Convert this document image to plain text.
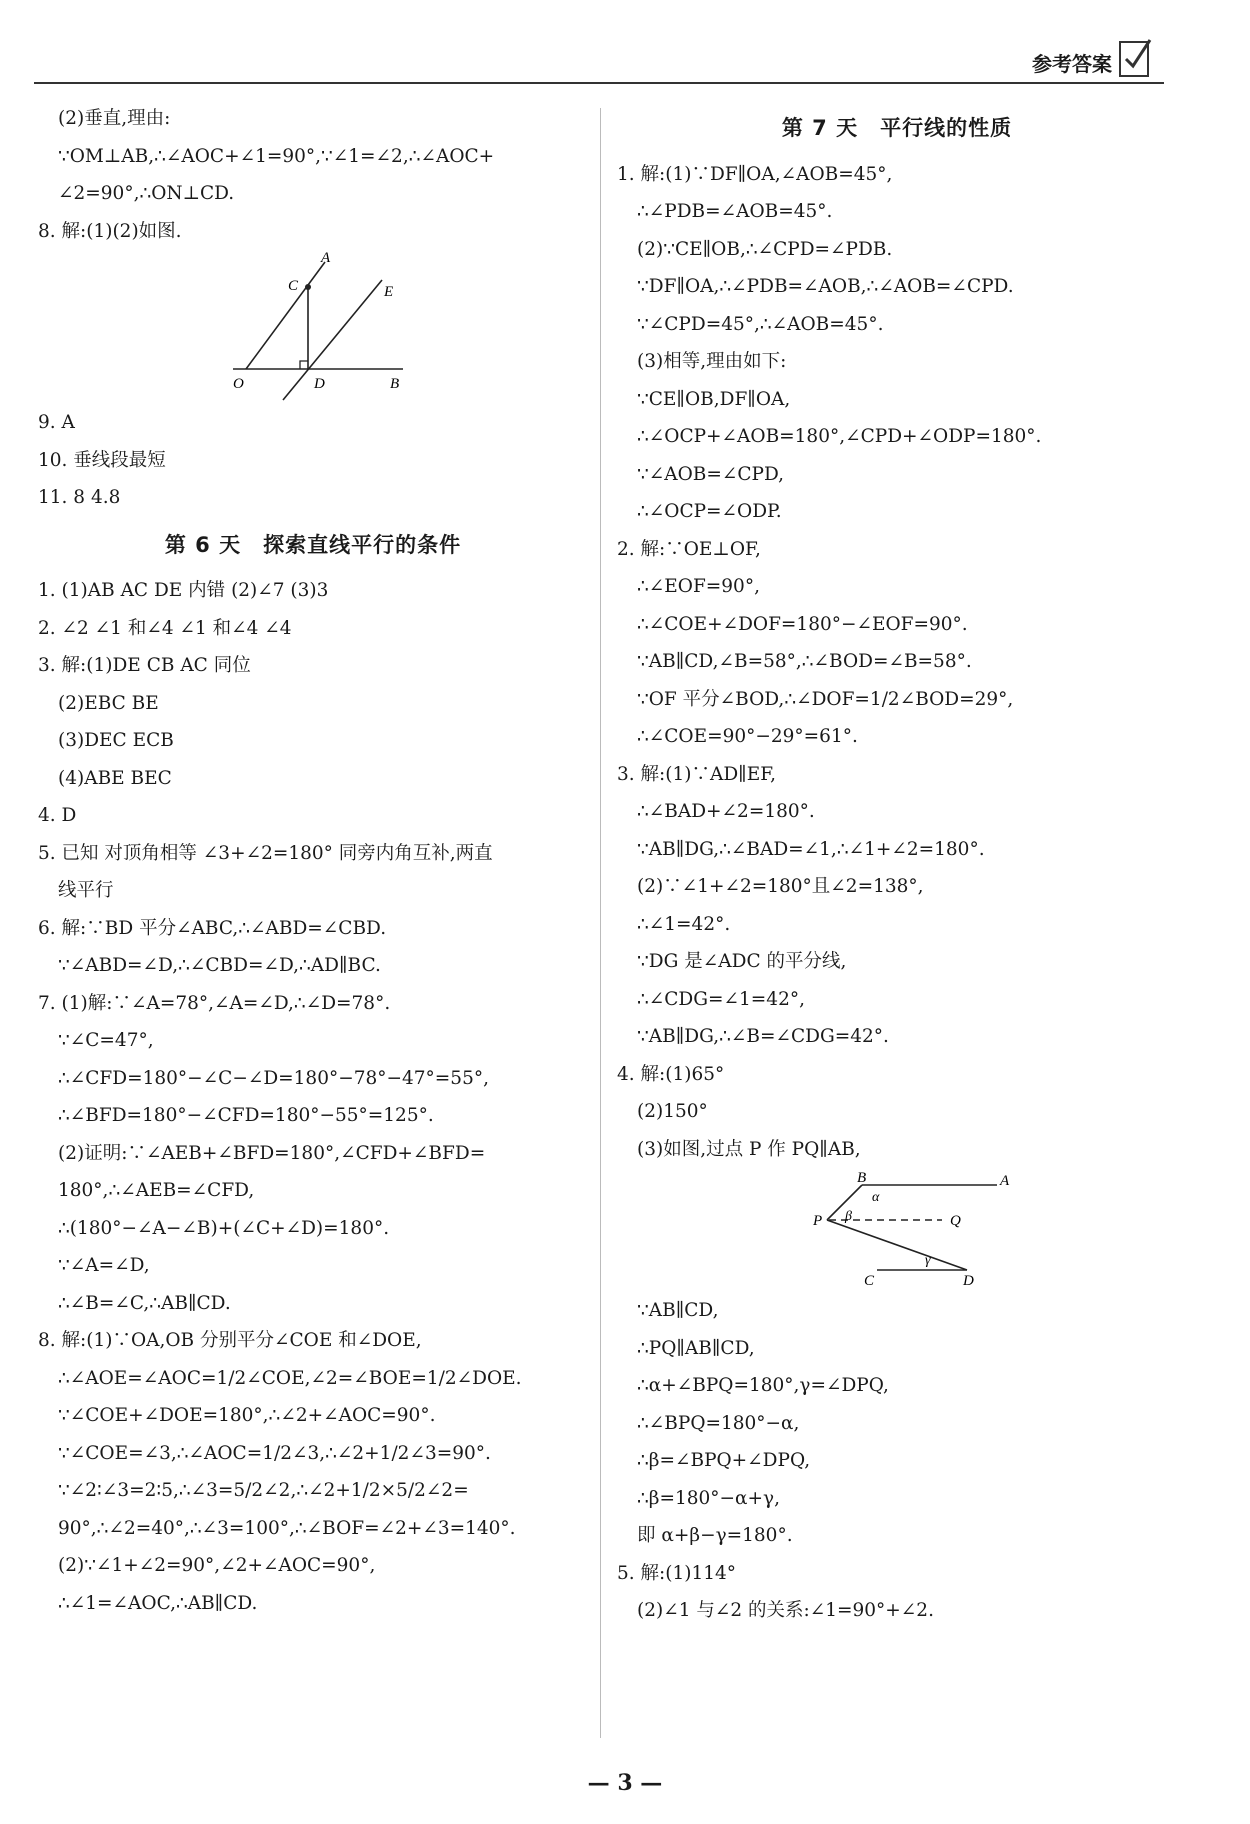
参考答案
(2)垂直,理由:
∵OM⊥AB,∴∠AOC+∠1=90°,∵∠1=∠2,∴∠AOC+
∠2=90°,∴ON⊥CD.
8. 解:(1)(2)如图.
A
C	E
O	D	B
9. A
10. 垂线段最短
11. 8 4.8
第 6 天　探索直线平行的条件
1. (1)AB AC DE 内错 (2)∠7 (3)3
2. ∠2 ∠1 和∠4 ∠1 和∠4 ∠4
3. 解:(1)DE CB AC 同位
(2)EBC BE
(3)DEC ECB
(4)ABE BEC
4. D
5. 已知 对顶角相等 ∠3+∠2=180° 同旁内角互补,两直
线平行
6. 解:∵BD 平分∠ABC,∴∠ABD=∠CBD.
∵∠ABD=∠D,∴∠CBD=∠D,∴AD∥BC.
7. (1)解:∵∠A=78°,∠A=∠D,∴∠D=78°.
∵∠C=47°,
∴∠CFD=180°−∠C−∠D=180°−78°−47°=55°,
∴∠BFD=180°−∠CFD=180°−55°=125°.
(2)证明:∵∠AEB+∠BFD=180°,∠CFD+∠BFD=
180°,∴∠AEB=∠CFD,
∴(180°−∠A−∠B)+(∠C+∠D)=180°.
∵∠A=∠D,
∴∠B=∠C,∴AB∥CD.
8. 解:(1)∵OA,OB 分别平分∠COE 和∠DOE,
∴∠AOE=∠AOC=1/2∠COE,∠2=∠BOE=1/2∠DOE.
∵∠COE+∠DOE=180°,∴∠2+∠AOC=90°.
∵∠COE=∠3,∴∠AOC=1/2∠3,∴∠2+1/2∠3=90°.
∵∠2∶∠3=2∶5,∴∠3=5/2∠2,∴∠2+1/2×5/2∠2=
90°,∴∠2=40°,∴∠3=100°,∴∠BOF=∠2+∠3=140°.
(2)∵∠1+∠2=90°,∠2+∠AOC=90°,
∴∠1=∠AOC,∴AB∥CD.
第 7 天　平行线的性质
1. 解:(1)∵DF∥OA,∠AOB=45°,
∴∠PDB=∠AOB=45°.
(2)∵CE∥OB,∴∠CPD=∠PDB.
∵DF∥OA,∴∠PDB=∠AOB,∴∠AOB=∠CPD.
∵∠CPD=45°,∴∠AOB=45°.
(3)相等,理由如下:
∵CE∥OB,DF∥OA,
∴∠OCP+∠AOB=180°,∠CPD+∠ODP=180°.
∵∠AOB=∠CPD,
∴∠OCP=∠ODP.
2. 解:∵OE⊥OF,
∴∠EOF=90°,
∴∠COE+∠DOF=180°−∠EOF=90°.
∵AB∥CD,∠B=58°,∴∠BOD=∠B=58°.
∵OF 平分∠BOD,∴∠DOF=1/2∠BOD=29°,
∴∠COE=90°−29°=61°.
3. 解:(1)∵AD∥EF,
∴∠BAD+∠2=180°.
∵AB∥DG,∴∠BAD=∠1,∴∠1+∠2=180°.
(2)∵∠1+∠2=180°且∠2=138°,
∴∠1=42°.
∵DG 是∠ADC 的平分线,
∴∠CDG=∠1=42°,
∵AB∥DG,∴∠B=∠CDG=42°.
4. 解:(1)65°
(2)150°
(3)如图,过点 P 作 PQ∥AB,
B	A
α
β
P	Q
γ
C	D
∵AB∥CD,
∴PQ∥AB∥CD,
∴α+∠BPQ=180°,γ=∠DPQ,
∴∠BPQ=180°−α,
∴β=∠BPQ+∠DPQ,
∴β=180°−α+γ,
即 α+β−γ=180°.
5. 解:(1)114°
(2)∠1 与∠2 的关系:∠1=90°+∠2.
— 3 —
